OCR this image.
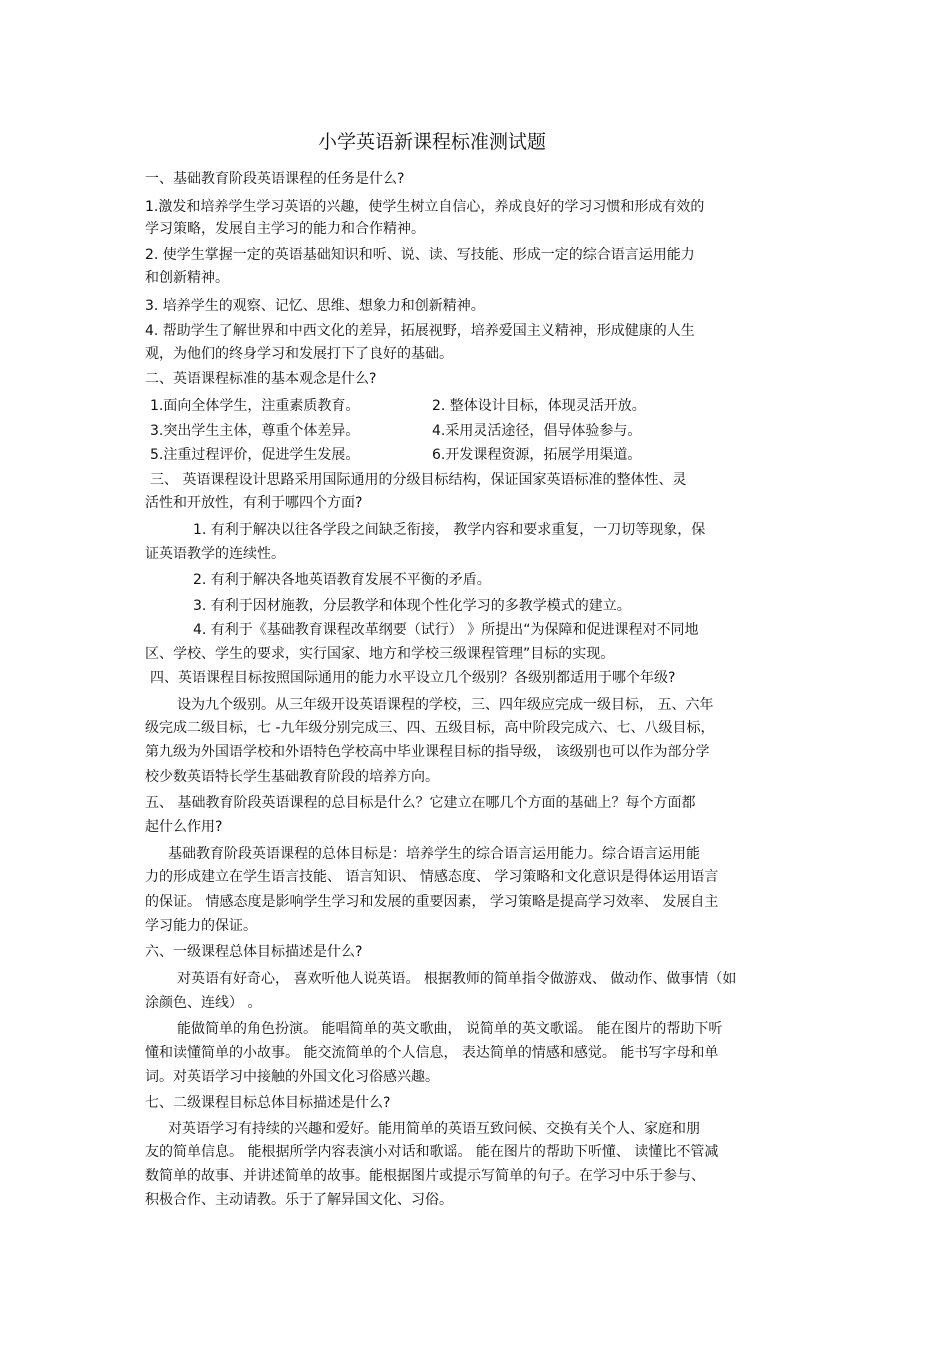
小学英语新课程标准测试题
一、基础教育阶段英语课程的任务是什么?
1.激发和培养学生学习英语的兴趣，使学生树立自信心，养成良好的学习习惯和形成有效的
学习策略，发展自主学习的能力和合作精神。
2. 使学生掌握一定的英语基础知识和听、说、读、写技能、形成一定的综合语言运用能力
和创新精神。
3. 培养学生的观察、记忆、思维、想象力和创新精神。
4. 帮助学生了解世界和中西文化的差异，拓展视野，培养爱国主义精神，形成健康的人生
观，为他们的终身学习和发展打下了良好的基础。
二、英语课程标准的基本观念是什么?
1.面向全体学生，注重素质教育。	2. 整体设计目标，体现灵活开放。
3.突出学生主体，尊重个体差异。	4.采用灵活途径，倡导体验参与。
5.注重过程评价，促进学生发展。	6.开发课程资源，拓展学用渠道。
三、 英语课程设计思路采用国际通用的分级目标结构，保证国家英语标准的整体性、灵
活性和开放性，有利于哪四个方面?
1. 有利于解决以往各学段之间缺乏衔接， 教学内容和要求重复，一刀切等现象，保
证英语教学的连续性。
2. 有利于解决各地英语教育发展不平衡的矛盾。
3. 有利于因材施教，分层教学和体现个性化学习的多教学模式的建立。
4. 有利于《基础教育课程改革纲要（试行） 》所提出“为保障和促进课程对不同地
区、学校、学生的要求，实行国家、地方和学校三级课程管理”目标的实现。
四、英语课程目标按照国际通用的能力水平设立几个级别？各级别都适用于哪个年级?
设为九个级别。从三年级开设英语课程的学校，三、四年级应完成一级目标， 五、六年
级完成二级目标，七 -九年级分别完成三、四、五级目标，高中阶段完成六、七、八级目标，
第九级为外国语学校和外语特色学校高中毕业课程目标的指导级， 该级别也可以作为部分学
校少数英语特长学生基础教育阶段的培养方向。
五、 基础教育阶段英语课程的总目标是什么？它建立在哪几个方面的基础上？每个方面都
起什么作用?
基础教育阶段英语课程的总体目标是：培养学生的综合语言运用能力。综合语言运用能
力的形成建立在学生语言技能、 语言知识、 情感态度、 学习策略和文化意识是得体运用语言
的保证。 情感态度是影响学生学习和发展的重要因素， 学习策略是提高学习效率、 发展自主
学习能力的保证。
六、一级课程总体目标描述是什么?
对英语有好奇心， 喜欢听他人说英语。 根据教师的简单指令做游戏、 做动作、做事情（如
涂颜色、连线） 。
能做简单的角色扮演。 能唱简单的英文歌曲， 说简单的英文歌谣。 能在图片的帮助下听
懂和读懂简单的小故事。 能交流简单的个人信息， 表达简单的情感和感觉。 能书写字母和单
词。对英语学习中接触的外国文化习俗感兴趣。
七、二级课程目标总体目标描述是什么?
对英语学习有持续的兴趣和爱好。能用简单的英语互致问候、交换有关个人、家庭和朋
友的简单信息。 能根据所学内容表演小对话和歌谣。 能在图片的帮助下听懂、 读懂比不管减
数简单的故事、并讲述简单的故事。能根据图片或提示写简单的句子。在学习中乐于参与、
积极合作、主动请教。乐于了解异国文化、习俗。
